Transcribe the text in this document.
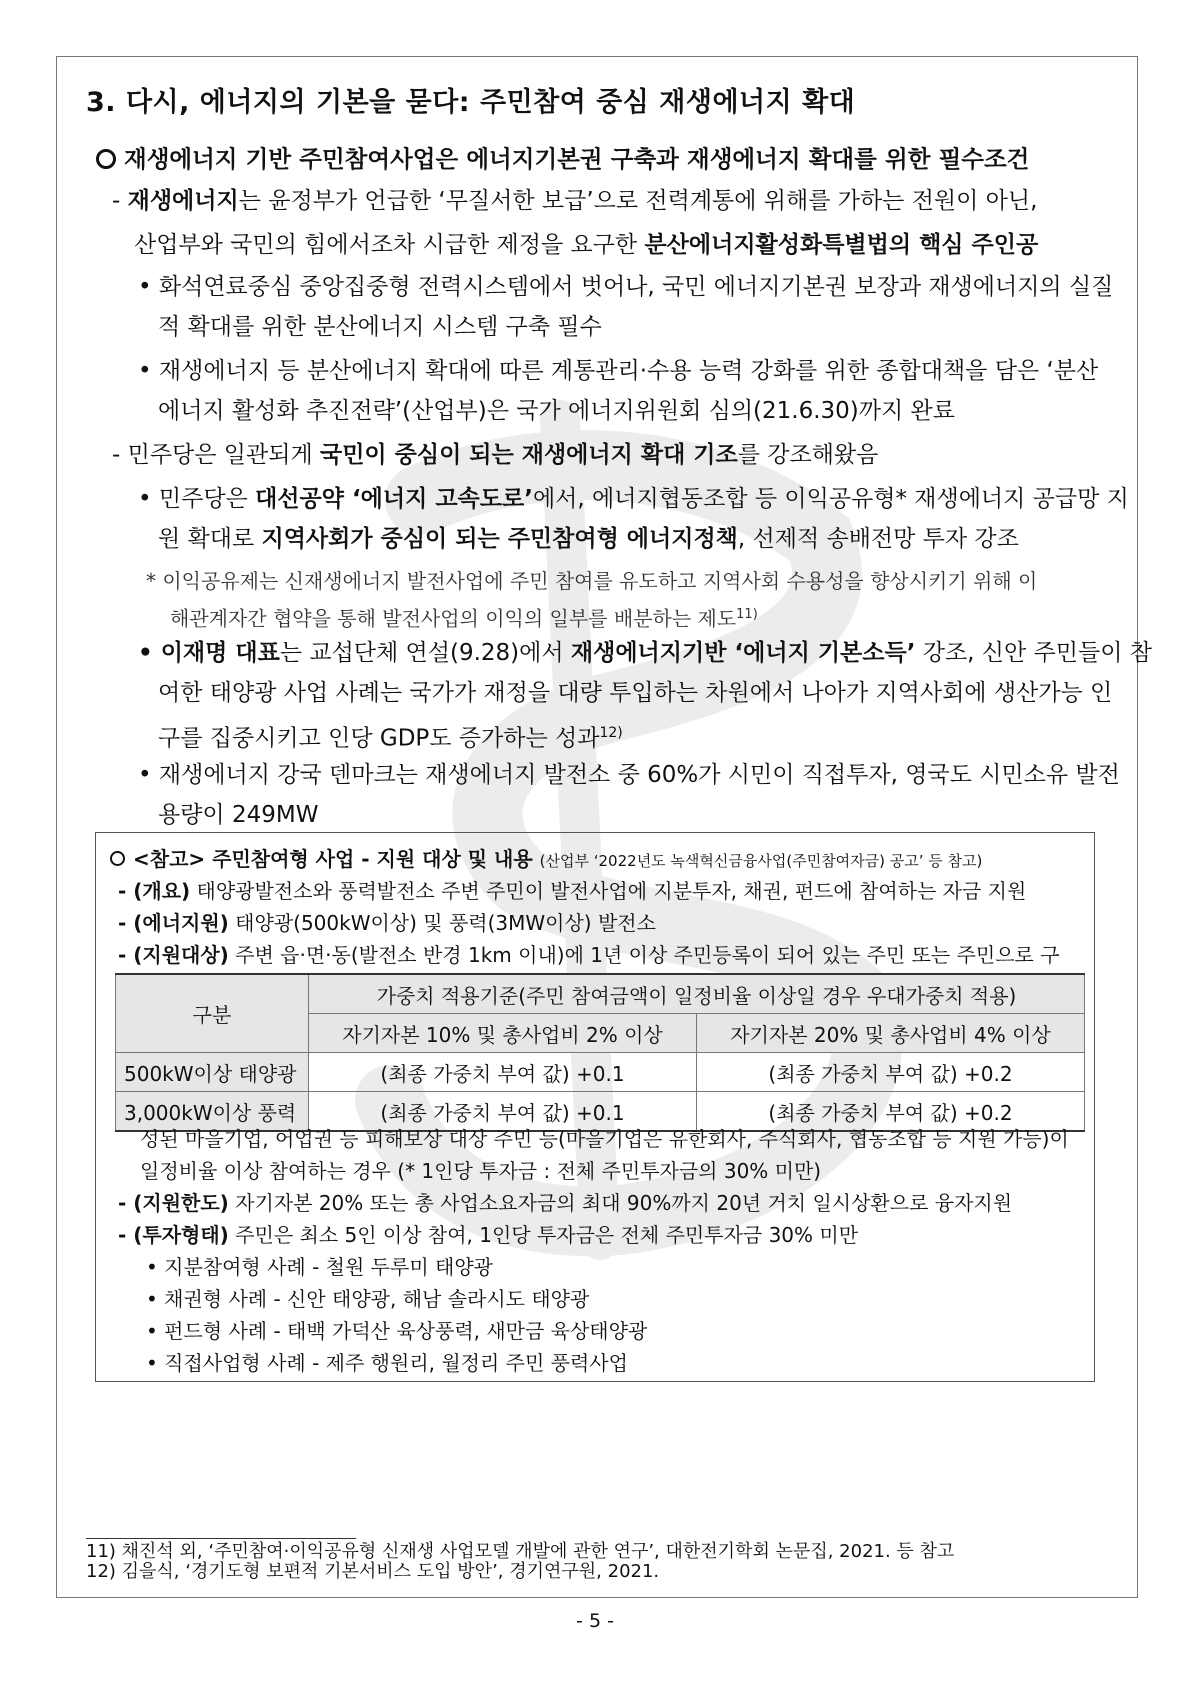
3. 다시, 에너지의 기본을 묻다: 주민참여 중심 재생에너지 확대
재생에너지 기반 주민참여사업은 에너지기본권 구축과 재생에너지 확대를 위한 필수조건
- 재생에너지는 윤정부가 언급한 ‘무질서한 보급’으로 전력계통에 위해를 가하는 전원이 아닌,
산업부와 국민의 힘에서조차 시급한 제정을 요구한 분산에너지활성화특별법의 핵심 주인공
• 화석연료중심 중앙집중형 전력시스템에서 벗어나, 국민 에너지기본권 보장과 재생에너지의 실질
적 확대를 위한 분산에너지 시스템 구축 필수
• 재생에너지 등 분산에너지 확대에 따른 계통관리·수용 능력 강화를 위한 종합대책을 담은 ‘분산
에너지 활성화 추진전략’(산업부)은 국가 에너지위원회 심의(21.6.30)까지 완료
- 민주당은 일관되게 국민이 중심이 되는 재생에너지 확대 기조를 강조해왔음
• 민주당은 대선공약 ‘에너지 고속도로’에서, 에너지협동조합 등 이익공유형* 재생에너지 공급망 지
원 확대로 지역사회가 중심이 되는 주민참여형 에너지정책, 선제적 송배전망 투자 강조
* 이익공유제는 신재생에너지 발전사업에 주민 참여를 유도하고 지역사회 수용성을 향상시키기 위해 이
해관계자간 협약을 통해 발전사업의 이익의 일부를 배분하는 제도$^{11)}$
• 이재명 대표는 교섭단체 연설(9.28)에서 재생에너지기반 ‘에너지 기본소득’ 강조, 신안 주민들이 참
여한 태양광 사업 사례는 국가가 재정을 대량 투입하는 차원에서 나아가 지역사회에 생산가능 인
구를 집중시키고 인당 GDP도 증가하는 성과$^{12)}$
• 재생에너지 강국 덴마크는 재생에너지 발전소 중 60%가 시민이 직접투자, 영국도 시민소유 발전
용량이 249MW
<참고> 주민참여형 사업 - 지원 대상 및 내용 (산업부 ‘2022년도 녹색혁신금융사업(주민참여자금) 공고’ 등 참고)
- (개요) 태양광발전소와 풍력발전소 주변 주민이 발전사업에 지분투자, 채권, 펀드에 참여하는 자금 지원
- (에너지원) 태양광(500kW이상) 및 풍력(3MW이상) 발전소
- (지원대상) 주변 읍·면·동(발전소 반경 1km 이내)에 1년 이상 주민등록이 되어 있는 주민 또는 주민으로 구
구분	가중치 적용기준(주민 참여금액이 일정비율 이상일 경우 우대가중치 적용)	
	자기자본 10% 및 총사업비 2% 이상	자기자본 20% 및 총사업비 4% 이상
500kW이상 태양광	(최종 가중치 부여 값) +0.1	(최종 가중치 부여 값) +0.2
3,000kW이상 풍력	(최종 가중치 부여 값) +0.1	(최종 가중치 부여 값) +0.2
성된 마을기업, 어업권 등 피해보상 대상 주민 등(마을기업은 유한회사, 주식회사, 협동조합 등 지원 가능)이
일정비율 이상 참여하는 경우 (* 1인당 투자금 : 전체 주민투자금의 30% 미만)
- (지원한도) 자기자본 20% 또는 총 사업소요자금의 최대 90%까지 20년 거치 일시상환으로 융자지원
- (투자형태) 주민은 최소 5인 이상 참여, 1인당 투자금은 전체 주민투자금 30% 미만
• 지분참여형 사례 - 철원 두루미 태양광
• 채권형 사례 - 신안 태양광, 해남 솔라시도 태양광
• 펀드형 사례 - 태백 가덕산 육상풍력, 새만금 육상태양광
• 직접사업형 사례 - 제주 행원리, 월정리 주민 풍력사업
11) 채진석 외, ‘주민참여·이익공유형 신재생 사업모델 개발에 관한 연구’, 대한전기학회 논문집, 2021. 등 참고
12) 김을식, ‘경기도형 보편적 기본서비스 도입 방안’, 경기연구원, 2021.
- 5 -
